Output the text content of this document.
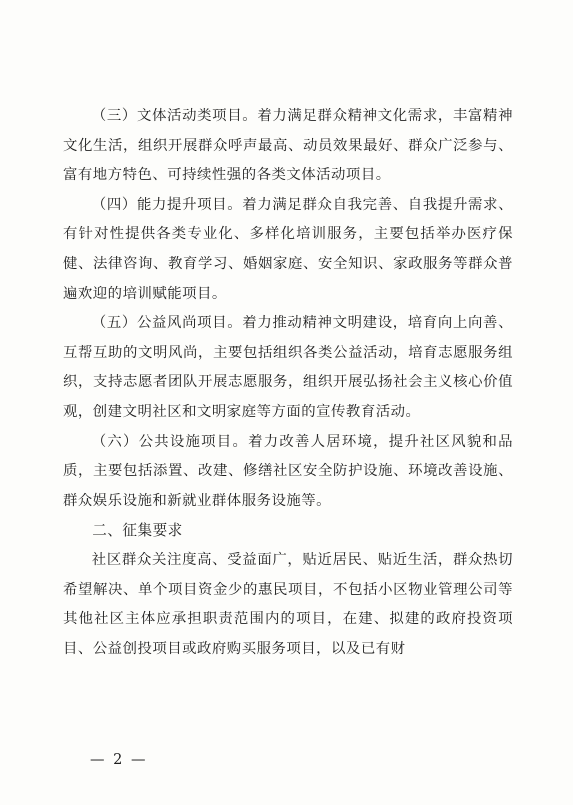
（三）文体活动类项目。着力满足群众精神文化需求，丰富精神文化生活，组织开展群众呼声最高、动员效果最好、群众广泛参与、富有地方特色、可持续性强的各类文体活动项目。

（四）能力提升项目。着力满足群众自我完善、自我提升需求、有针对性提供各类专业化、多样化培训服务，主要包括举办医疗保健、法律咨询、教育学习、婚姻家庭、安全知识、家政服务等群众普遍欢迎的培训赋能项目。

（五）公益风尚项目。着力推动精神文明建设，培育向上向善、互帮互助的文明风尚，主要包括组织各类公益活动，培育志愿服务组织，支持志愿者团队开展志愿服务，组织开展弘扬社会主义核心价值观，创建文明社区和文明家庭等方面的宣传教育活动。

（六）公共设施项目。着力改善人居环境，提升社区风貌和品质，主要包括添置、改建、修缮社区安全防护设施、环境改善设施、群众娱乐设施和新就业群体服务设施等。

二、征集要求

社区群众关注度高、受益面广，贴近居民、贴近生活，群众热切希望解决、单个项目资金少的惠民项目，不包括小区物业管理公司等其他社区主体应承担职责范围内的项目，在建、拟建的政府投资项目、公益创投项目或政府购买服务项目，以及已有财

— 2 —
